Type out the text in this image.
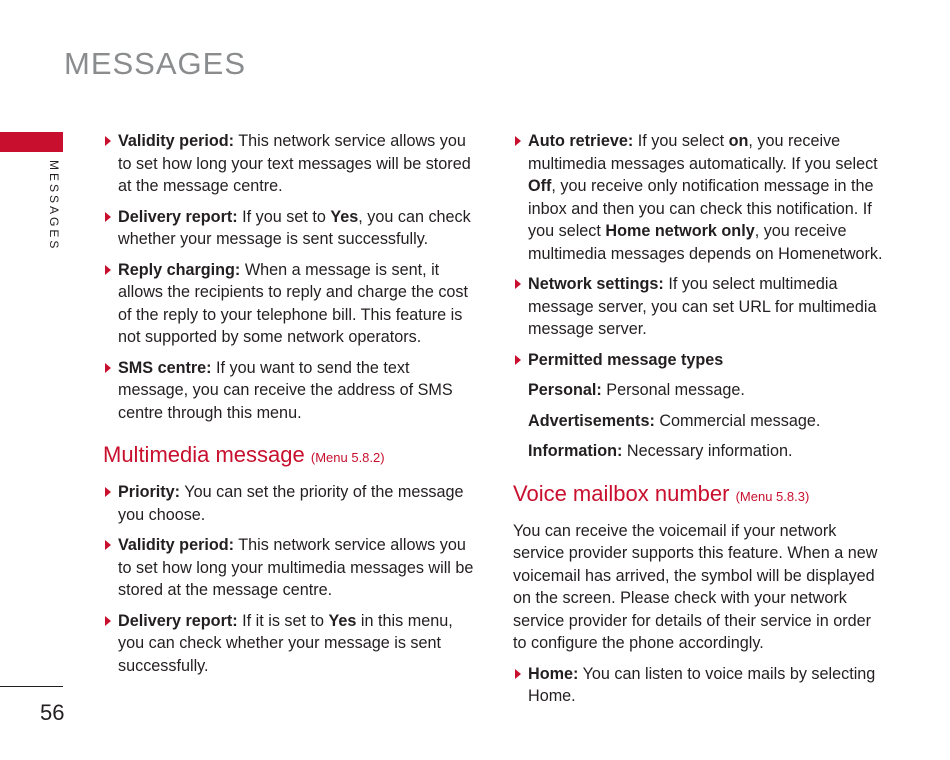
MESSAGES
MESSAGES
56
Validity period: This network service allows you to set how long your text messages will be stored at the message centre.
Delivery report: If you set to Yes, you can check whether your message is sent successfully.
Reply charging: When a message is sent, it allows the recipients to reply and charge the cost of the reply to your telephone bill. This feature is not supported by some network operators.
SMS centre: If you want to send the text message, you can receive the address of SMS centre through this menu.
Multimedia message (Menu 5.8.2)
Priority: You can set the priority of the message you choose.
Validity period: This network service allows you to set how long your multimedia messages will be stored at the message centre.
Delivery report: If it is set to Yes in this menu, you can check whether your message is sent successfully.
Auto retrieve: If you select on, you receive multimedia messages automatically. If you select Off, you receive only notification message in the inbox and then you can check this notification. If you select Home network only, you receive multimedia messages depends on Homenetwork.
Network settings: If you select multimedia message server, you can set URL for multimedia message server.
Permitted message types
Personal: Personal message.
Advertisements: Commercial message.
Information: Necessary information.
Voice mailbox number (Menu 5.8.3)
You can receive the voicemail if your network service provider supports this feature. When a new voicemail has arrived, the symbol will be displayed on the screen. Please check with your network service provider for details of their service in order to configure the phone accordingly.
Home: You can listen to voice mails by selecting Home.
